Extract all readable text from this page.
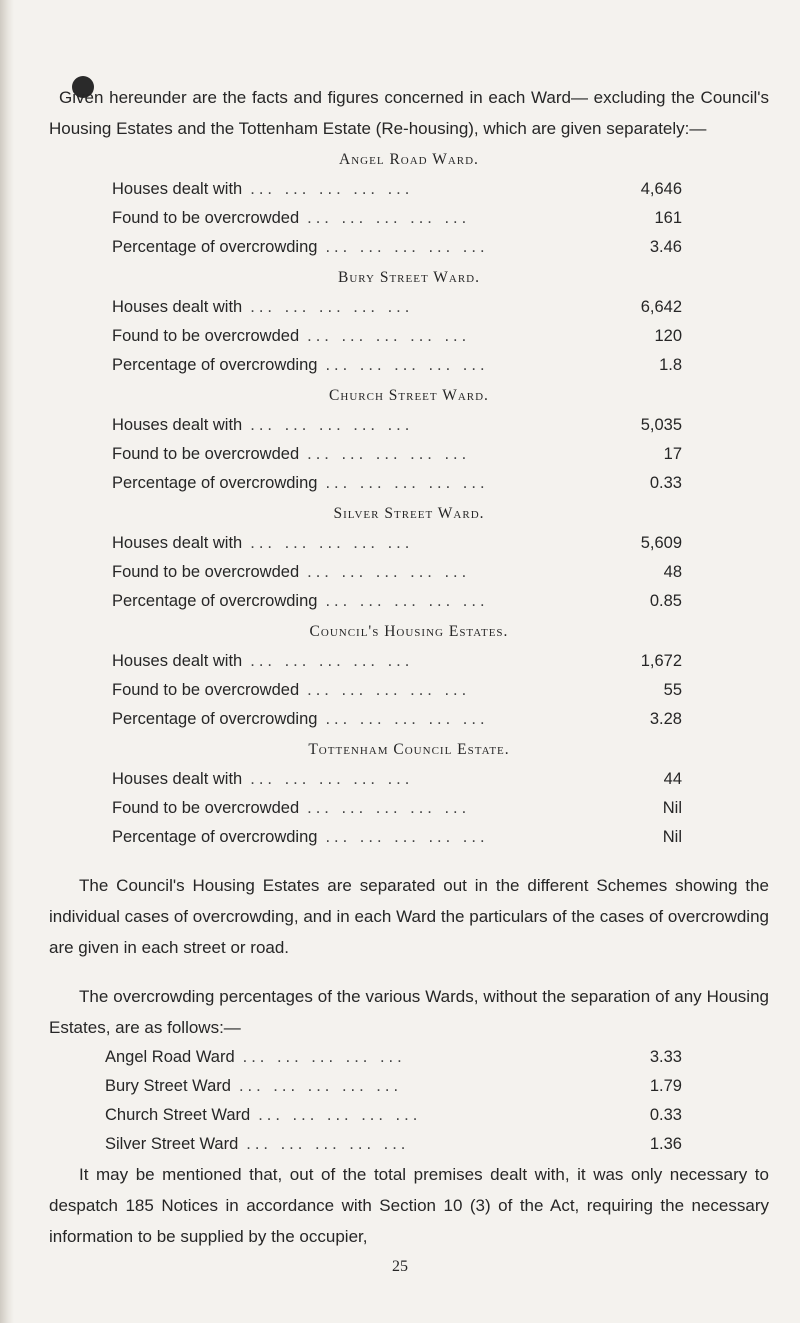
Given hereunder are the facts and figures concerned in each Ward— excluding the Council's Housing Estates and the Tottenham Estate (Re-housing), which are given separately:—

Angel Road Ward.
Houses dealt with ... ... ... ... ...	4,646
Found to be overcrowded ... ... ... ... ...	161
Percentage of overcrowding ... ... ... ... ...	3.46
Bury Street Ward.
Houses dealt with ... ... ... ... ...	6,642
Found to be overcrowded ... ... ... ... ...	120
Percentage of overcrowding ... ... ... ... ...	1.8
Church Street Ward.
Houses dealt with ... ... ... ... ...	5,035
Found to be overcrowded ... ... ... ... ...	17
Percentage of overcrowding ... ... ... ... ...	0.33
Silver Street Ward.
Houses dealt with ... ... ... ... ...	5,609
Found to be overcrowded ... ... ... ... ...	48
Percentage of overcrowding ... ... ... ... ...	0.85
Council's Housing Estates.
Houses dealt with ... ... ... ... ...	1,672
Found to be overcrowded ... ... ... ... ...	55
Percentage of overcrowding ... ... ... ... ...	3.28
Tottenham Council Estate.
Houses dealt with ... ... ... ... ...	44
Found to be overcrowded ... ... ... ... ...	Nil
Percentage of overcrowding ... ... ... ... ...	Nil

The Council's Housing Estates are separated out in the different Schemes showing the individual cases of overcrowding, and in each Ward the particulars of the cases of overcrowding are given in each street or road.

The overcrowding percentages of the various Wards, without the separation of any Housing Estates, are as follows:—

Angel Road Ward ... ... ... ... ...	3.33
Bury Street Ward ... ... ... ... ...	1.79
Church Street Ward ... ... ... ... ...	0.33
Silver Street Ward ... ... ... ... ...	1.36

It may be mentioned that, out of the total premises dealt with, it was only necessary to despatch 185 Notices in accordance with Section 10 (3) of the Act, requiring the necessary information to be supplied by the occupier,

25
